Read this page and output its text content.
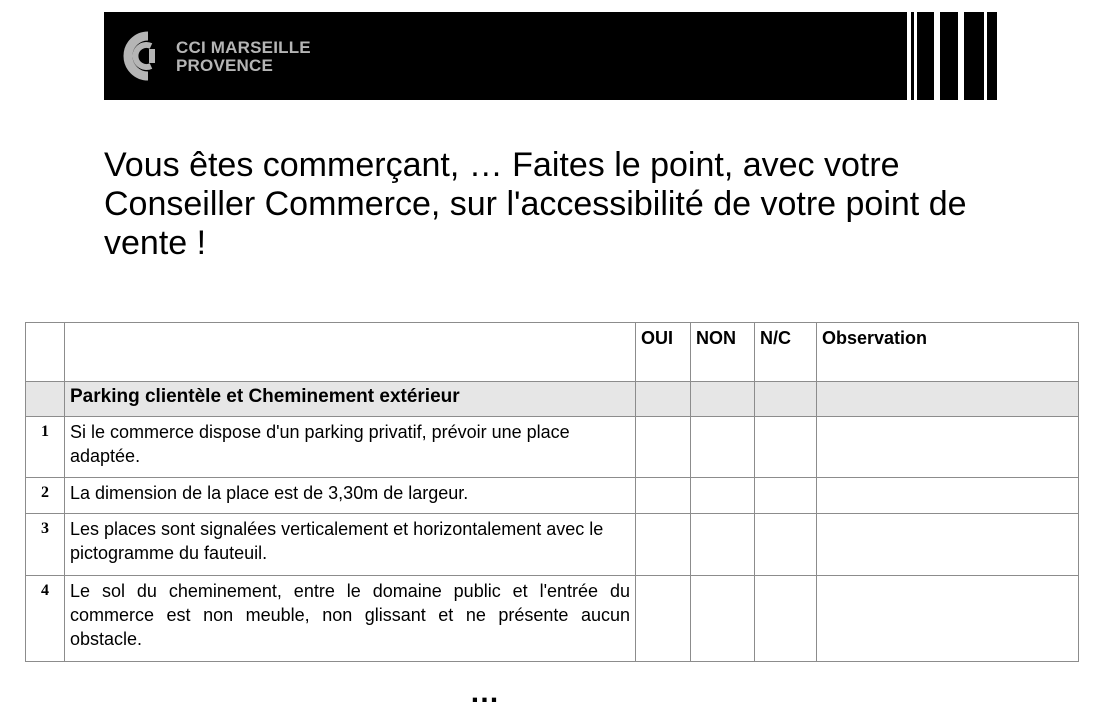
CCI MARSEILLE
PROVENCE
Vous êtes commerçant, … Faites le point, avec votre Conseiller Commerce, sur l'accessibilité de votre point de vente !
		OUI	NON	N/C	Observation
	Parking clientèle et Cheminement extérieur				
1	Si le commerce dispose d'un parking privatif, prévoir une place adaptée.				
2	La dimension de la place est de 3,30m de largeur.				
3	Les places sont signalées verticalement et horizontalement avec le pictogramme du fauteuil.				
4	Le sol du cheminement, entre le domaine public et l'entrée du commerce est non meuble, non glissant et ne présente aucun obstacle.				
…
